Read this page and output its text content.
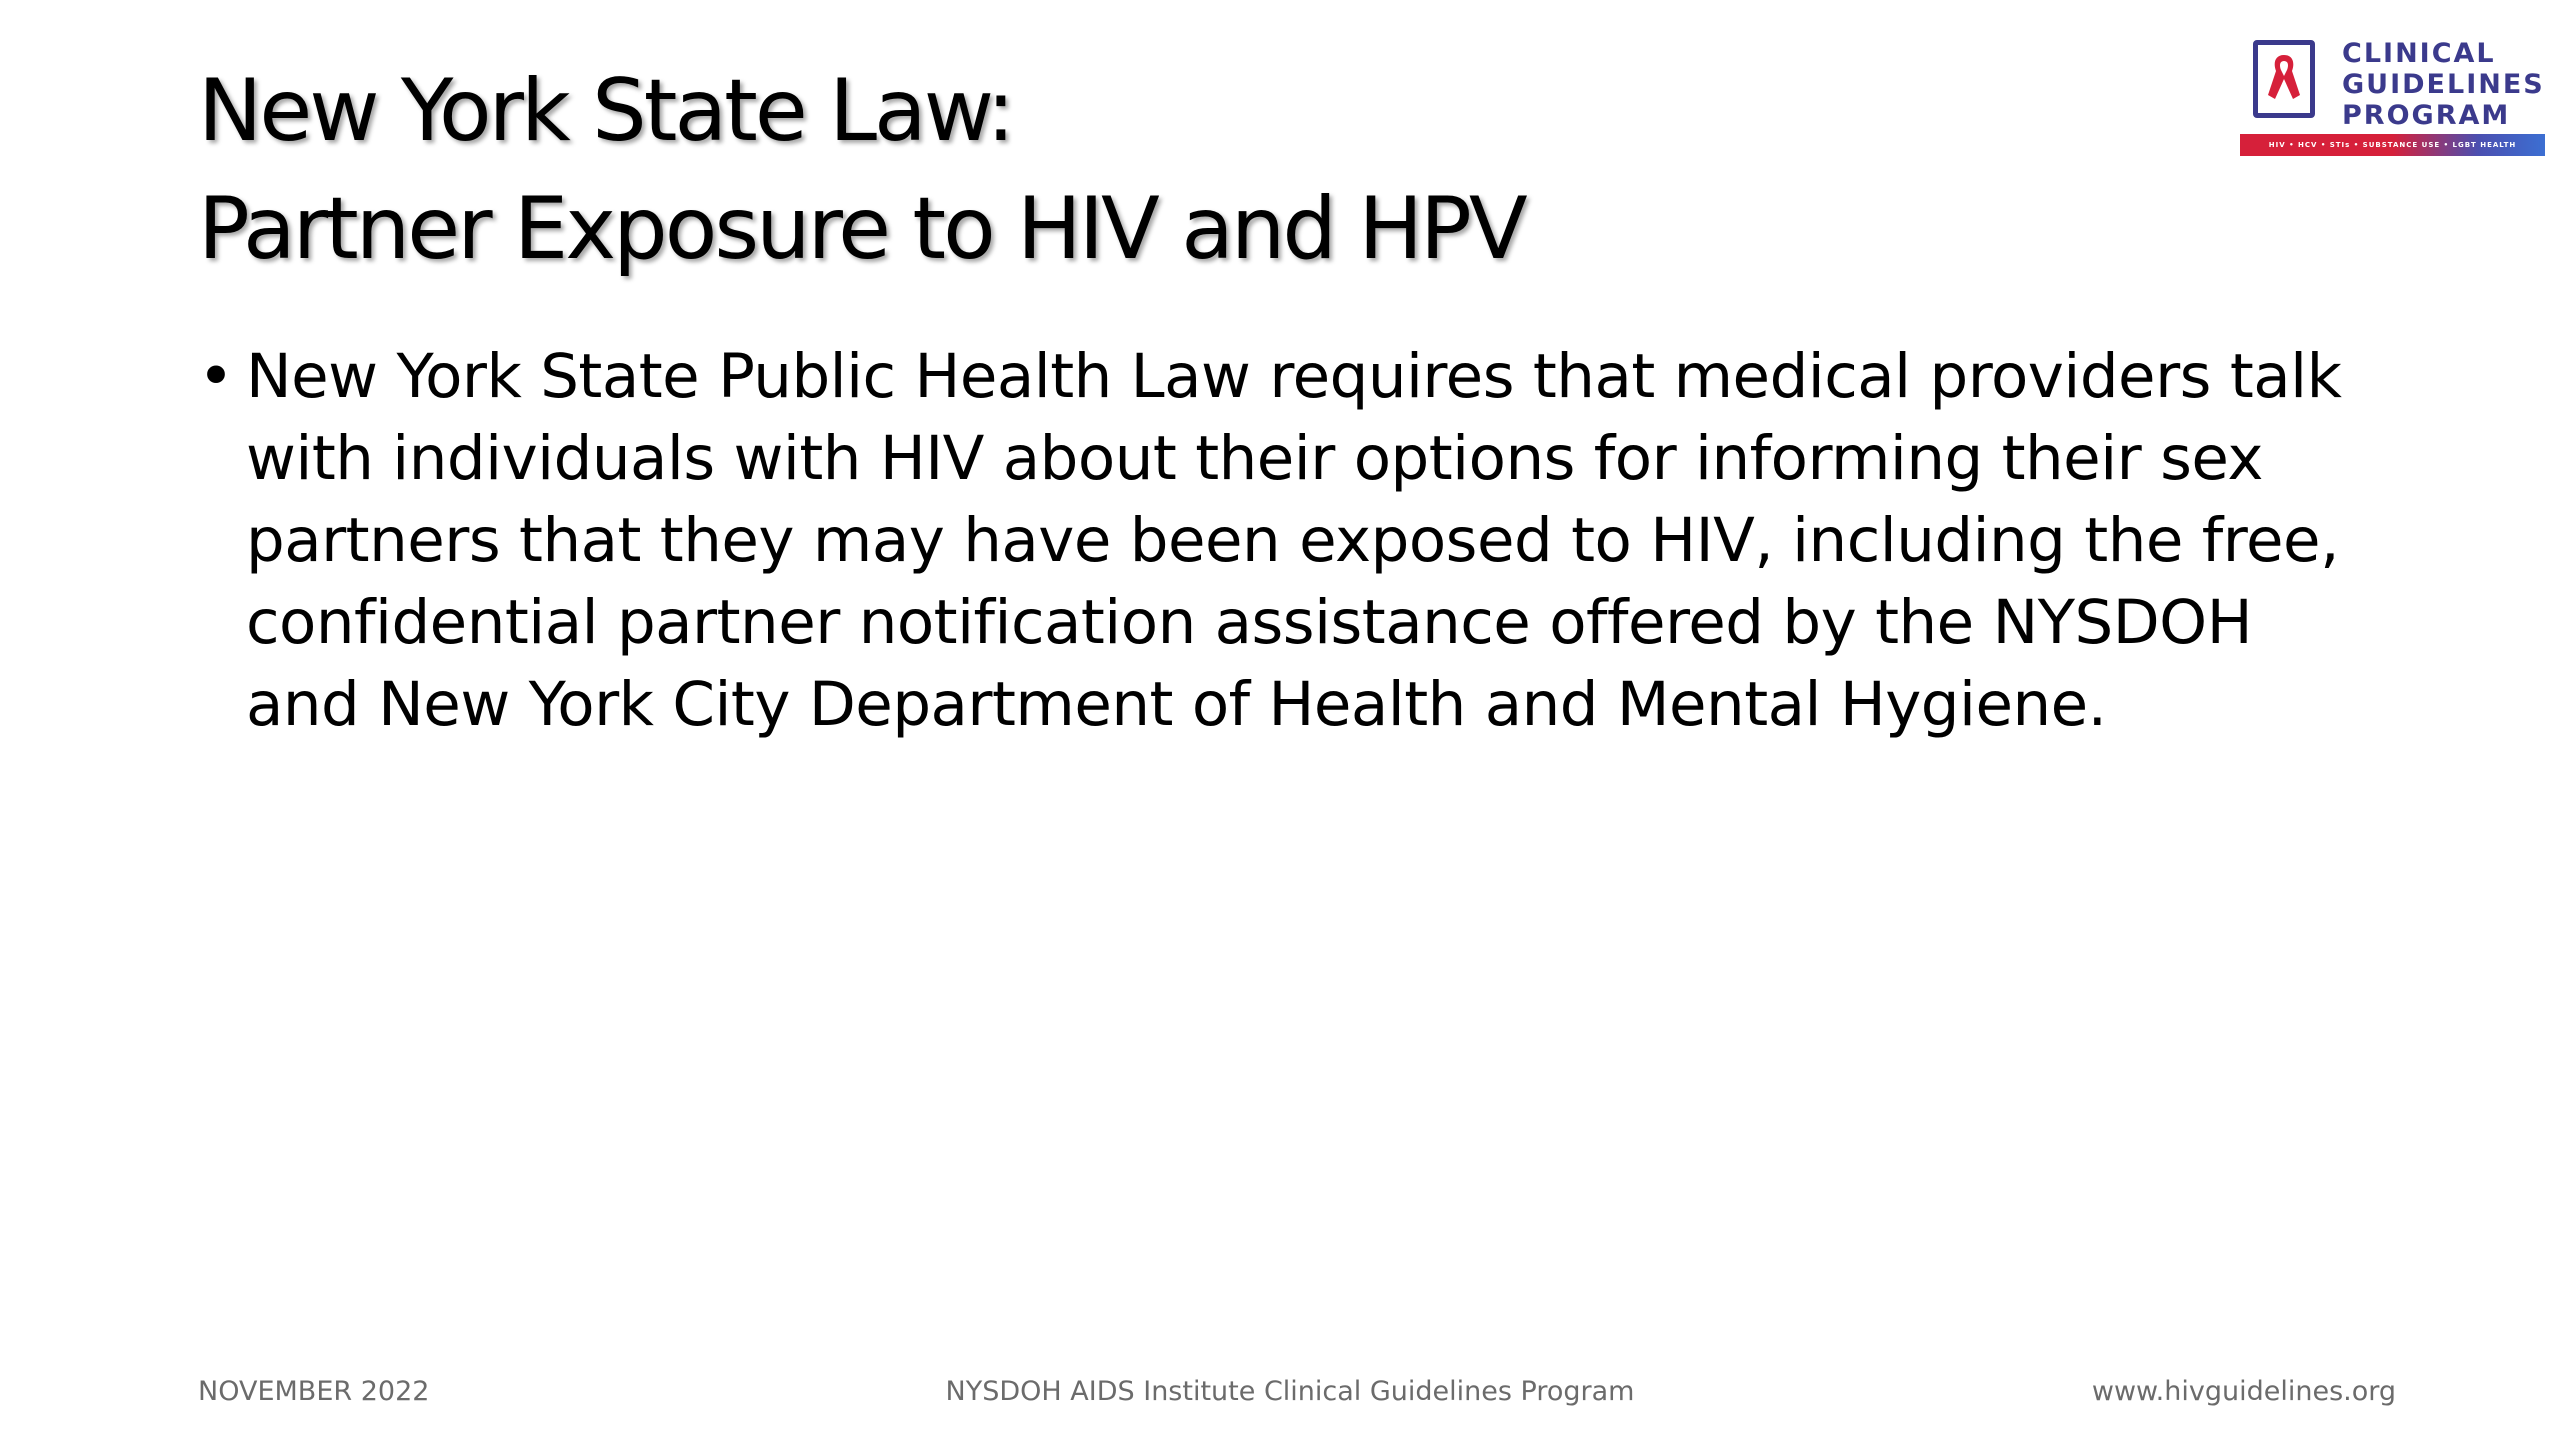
New York State Law:
Partner Exposure to HIV and HPV
CLINICAL
GUIDELINES
PROGRAM
HIV • HCV • STIs • SUBSTANCE USE • LGBT HEALTH
• New York State Public Health Law requires that medical providers talk
with individuals with HIV about their options for informing their sex
partners that they may have been exposed to HIV, including the free,
confidential partner notification assistance offered by the NYSDOH
and New York City Department of Health and Mental Hygiene.
NOVEMBER 2022	NYSDOH AIDS Institute Clinical Guidelines Program	www.hivguidelines.org
